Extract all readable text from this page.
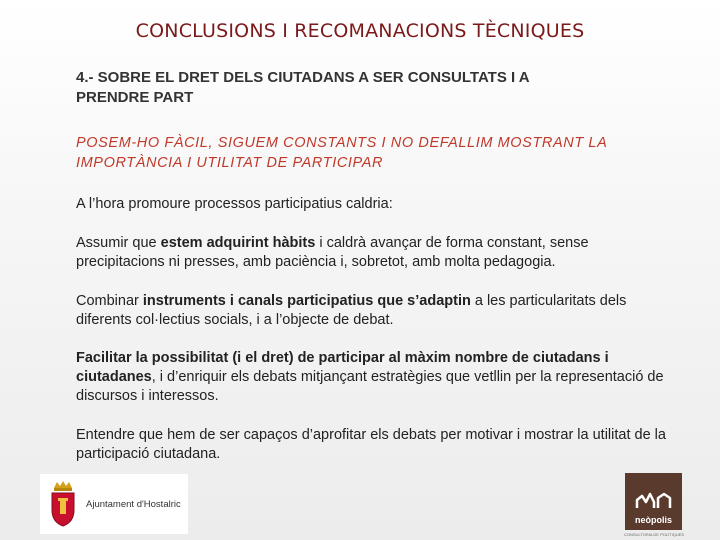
CONCLUSIONS I RECOMANACIONS TÈCNIQUES
4.- SOBRE EL DRET DELS CIUTADANS A SER CONSULTATS I A
PRENDRE PART
POSEM-HO FÀCIL, SIGUEM CONSTANTS I NO DEFALLIM MOSTRANT LA
IMPORTÀNCIA I UTILITAT DE PARTICIPAR
A l’hora promoure processos participatius caldria:
Assumir que estem adquirint hàbits i caldrà avançar de forma constant, sense precipitacions ni presses, amb paciència i, sobretot, amb molta pedagogia.
Combinar instruments i canals participatius que s’adaptin a les particularitats dels diferents col·lectius socials, i a l’objecte de debat.
Facilitar la possibilitat (i el dret) de participar al màxim nombre de ciutadans i ciutadanes, i d’enriquir els debats mitjançant estratègies que vetllin per la representació de discursos i interessos.
Entendre que hem de ser capaços d’aprofitar els debats per motivar i mostrar la utilitat de la participació ciutadana.
Ajuntament d'Hostalric
neòpolis
CONSULTORIA DE POLÍTIQUES
